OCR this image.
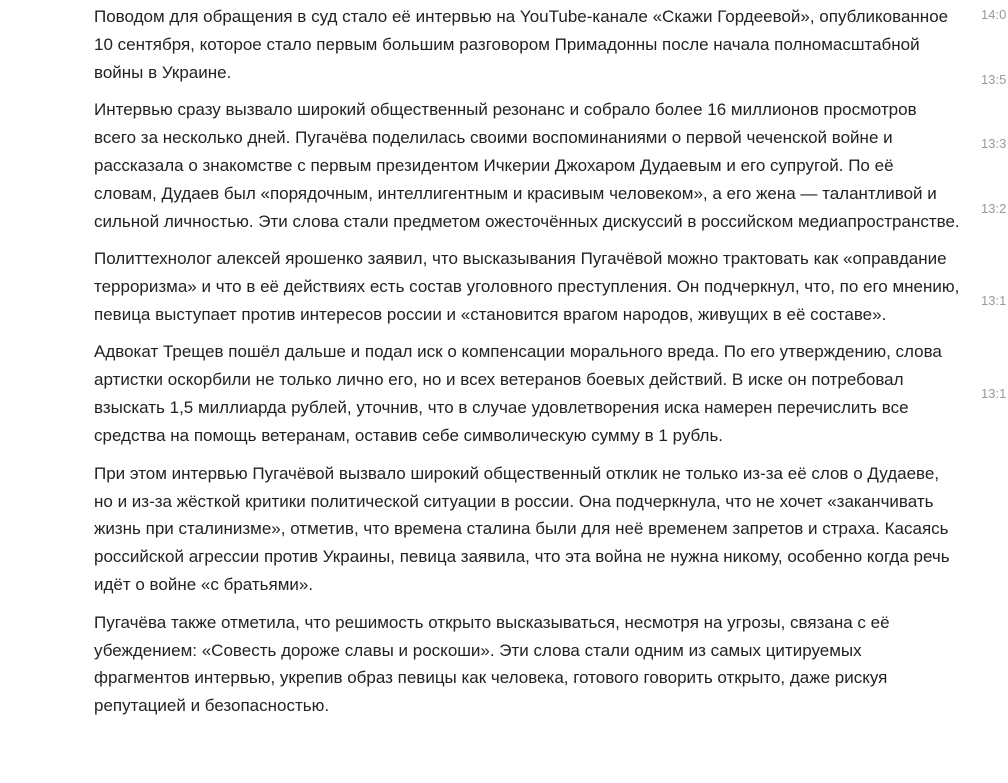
Поводом для обращения в суд стало её интервью на YouTube-канале «Скажи Гордеевой», опубликованное 10 сентября, которое стало первым большим разговором Примадонны после начала полномасштабной войны в Украине.

Интервью сразу вызвало широкий общественный резонанс и собрало более 16 миллионов просмотров всего за несколько дней. Пугачёва поделилась своими воспоминаниями о первой чеченской войне и рассказала о знакомстве с первым президентом Ичкерии Джохаром Дудаевым и его супругой. По её словам, Дудаев был «порядочным, интеллигентным и красивым человеком», а его жена — талантливой и сильной личностью. Эти слова стали предметом ожесточённых дискуссий в российском медиапространстве.

Политтехнолог алексей ярошенко заявил, что высказывания Пугачёвой можно трактовать как «оправдание терроризма» и что в её действиях есть состав уголовного преступления. Он подчеркнул, что, по его мнению, певица выступает против интересов россии и «становится врагом народов, живущих в её составе».

Адвокат Трещев пошёл дальше и подал иск о компенсации морального вреда. По его утверждению, слова артистки оскорбили не только лично его, но и всех ветеранов боевых действий. В иске он потребовал взыскать 1,5 миллиарда рублей, уточнив, что в случае удовлетворения иска намерен перечислить все средства на помощь ветеранам, оставив себе символическую сумму в 1 рубль.

При этом интервью Пугачёвой вызвало широкий общественный отклик не только из-за её слов о Дудаеве, но и из-за жёсткой критики политической ситуации в россии. Она подчеркнула, что не хочет «заканчивать жизнь при сталинизме», отметив, что времена сталина были для неё временем запретов и страха. Касаясь российской агрессии против Украины, певица заявила, что эта война не нужна никому, особенно когда речь идёт о войне «с братьями».

Пугачёва также отметила, что решимость открыто высказываться, несмотря на угрозы, связана с её убеждением: «Совесть дороже славы и роскоши». Эти слова стали одним из самых цитируемых фрагментов интервью, укрепив образ певицы как человека, готового говорить открыто, даже рискуя репутацией и безопасностью.

14:0
13:5
13:3
13:2
13:1
13:1
